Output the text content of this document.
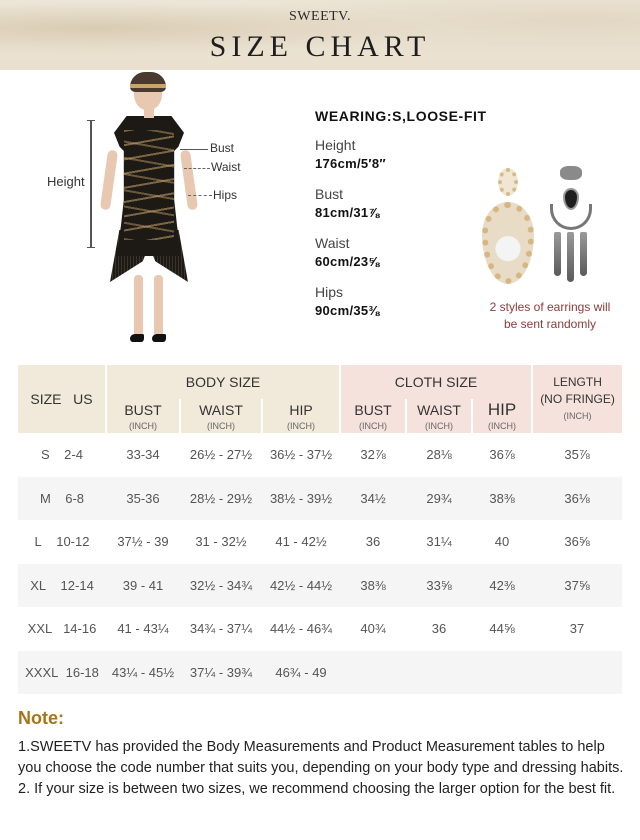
SWEETV.
SIZE CHART
Height
Bust
Waist
Hips
WEARING:S,LOOSE-FIT
Height
176cm/5′8″
Bust
81cm/31⅞
Waist
60cm/23⅝
Hips
90cm/35⅜	2 styles of earrings will
be sent randomly
SIZE   US	BODY SIZE			CLOTH SIZE			LENGTH
(NO FRINGE)
(INCH)

	BUST
(INCH)	WAIST
(INCH)	HIP
(INCH)	BUST
(INCH)	WAIST
(INCH)	HIP
(INCH)	

S 2-4	33-34	26½ - 27½	36½ - 37½	32⅞	28⅛	36⅞	35⅞
M 6-8	35-36	28½ - 29½	38½ - 39½	34½	29¾	38⅜	36⅛
L 10-12	37½ - 39	31 - 32½	41 - 42½	36	31¼	40	36⅝
XL 12-14	39 - 41	32½ - 34¾	42½ - 44½	38⅜	33⅝	42⅜	37⅝
XXL 14-16	41 - 43¼	34¾ - 37¼	44½ - 46¾	40¾	36	44⅝	37
XXXL 16-18	43¼ - 45½	37¼ - 39¾	46¾ - 49				
Note:
1.SWEETV has provided the Body Measurements and Product Measurement tables to help you choose the code number that suits you, depending on your body type and dressing habits.
2. If your size is between two sizes, we recommend choosing the larger option for the best fit.
